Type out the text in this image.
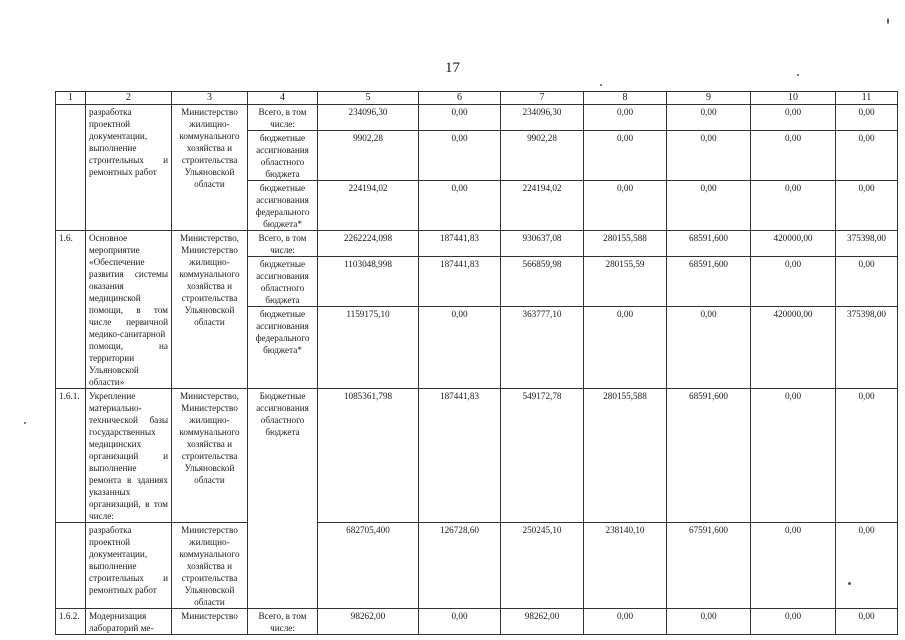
17
1	2	3	4	5	6	7	8	9	10	11
	разработка проектной документации, выполнение строительных и ремонтных работ	Министерство жилищно-коммунального хозяйства и строительства Ульяновской области	Всего, в том числе:	234096,30	0,00	234096,30	0,00	0,00	0,00	0,00
			бюджетные ассигнования областного бюджета	9902,28	0,00	9902,28	0,00	0,00	0,00	0,00
			бюджетные ассигнования федерального бюджета*	224194,02	0,00	224194,02	0,00	0,00	0,00	0,00
1.6.	Основное мероприятие «Обеспечение развития системы оказания медицинской помощи, в том числе первичной медико-санитарной помощи, на территории Ульяновской области»	Министерство, Министерство жилищно-коммунального хозяйства и строительства Ульяновской области	Всего, в том числе:	2262224,098	187441,83	930637,08	280155,588	68591,600	420000,00	375398,00
			бюджетные ассигнования областного бюджета	1103048,998	187441,83	566859,98	280155,59	68591,600	0,00	0,00
			бюджетные ассигнования федерального бюджета*	1159175,10	0,00	363777,10	0,00	0,00	420000,00	375398,00
1.6.1.	Укрепление материально-технической базы государственных медицинских организаций и выполнение ремонта в зданиях указанных организаций, в том числе:	Министерство, Министерство жилищно-коммунального хозяйства и строительства Ульяновской области	Бюджетные ассигнования областного бюджета	1085361,798	187441,83	549172,78	280155,588	68591,600	0,00	0,00
	разработка проектной документации, выполнение строительных и ремонтных работ	Министерство жилищно-коммунального хозяйства и строительства Ульяновской области		682705,400	126728,60	250245,10	238140,10	67591,600	0,00	0,00
1.6.2.	Модернизация лабораторий ме-	Министерство	Всего, в том числе:	98262,00	0,00	98262,00	0,00	0,00	0,00	0,00
